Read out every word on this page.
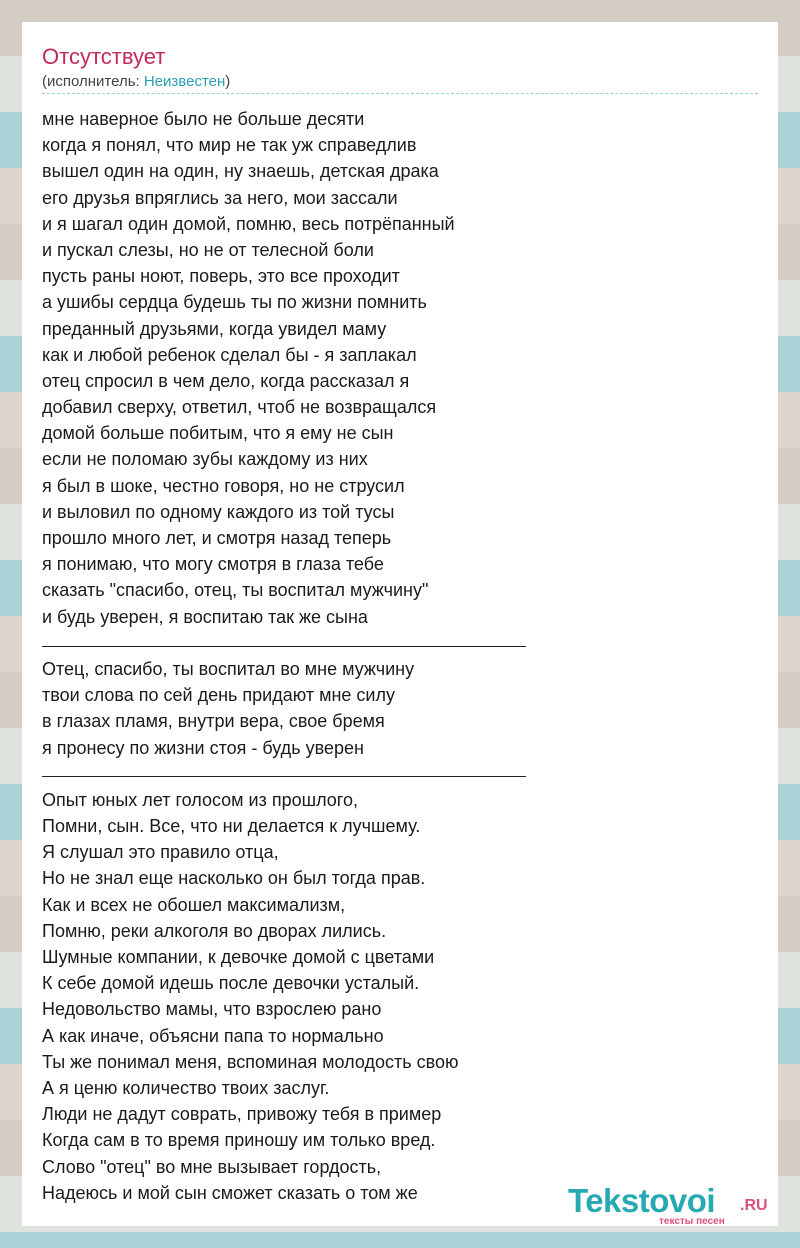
Отсутствует
(исполнитель: Неизвестен)
мне наверное было не больше десяти
когда я понял, что мир не так уж справедлив
вышел один на один, ну знаешь, детская драка
его друзья впряглись за него, мои зассали
и я шагал один домой, помню, весь потрёпанный
и пускал слезы, но не от телесной боли
пусть раны ноют, поверь, это все проходит
а ушибы сердца будешь ты по жизни помнить
преданный друзьями, когда увидел маму
как и любой ребенок сделал бы - я заплакал
отец спросил в чем дело, когда рассказал я
добавил сверху, ответил, чтоб не возвращался
домой больше побитым, что я ему не сын
если не поломаю зубы каждому из них
я был в шоке, честно говоря, но не струсил
и выловил по одному каждого из той тусы
прошло много лет, и смотря назад теперь
я понимаю, что могу смотря в глаза тебе
сказать "спасибо, отец, ты воспитал мужчину"
и будь уверен, я воспитаю так же сына
Отец, спасибо, ты воспитал во мне мужчину
твои слова по сей день придают мне силу
в глазах пламя, внутри вера, свое бремя
я пронесу по жизни стоя - будь уверен
Опыт юных лет голосом из прошлого,
Помни, сын. Все, что ни делается к лучшему.
Я слушал это правило отца,
Но не знал еще насколько он был тогда прав.
Как и всех не обошел максимализм,
Помню, реки алкоголя во дворах лились.
Шумные компании, к девочке домой с цветами
К себе домой идешь после девочки усталый.
Недовольство мамы, что взрослею рано
А как иначе, объясни папа то нормально
Ты же понимал меня, вспоминая молодость свою
А я ценю количество твоих заслуг.
Люди не дадут соврать, привожу тебя в пример
Когда сам в то время приношу им только вред.
Слово "отец" во мне вызывает гордость,
Надеюсь и мой сын сможет сказать о том же	Tekstovoi .RU
тексты песен
